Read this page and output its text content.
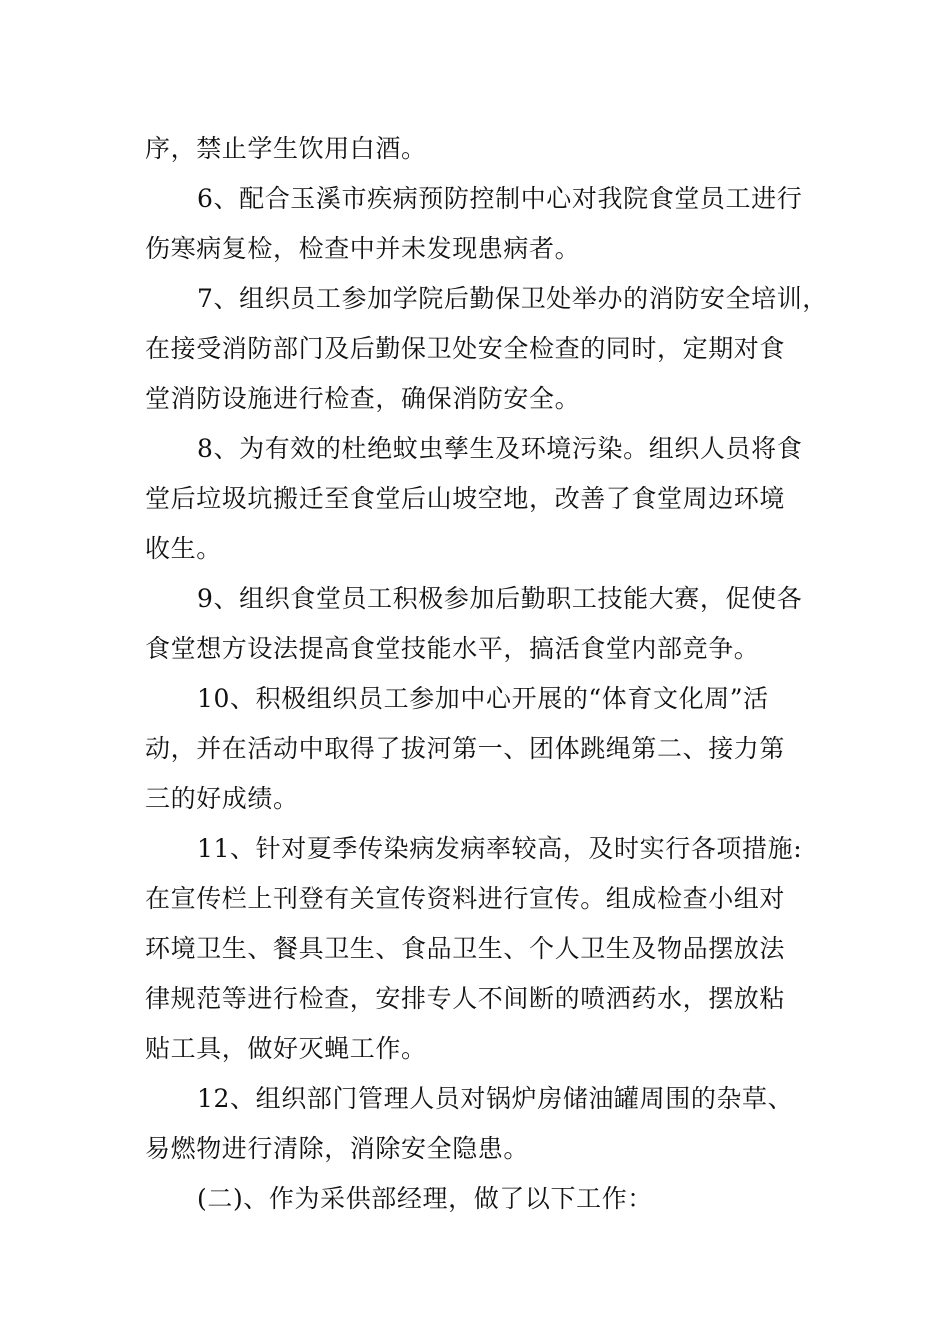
序，禁止学生饮用白酒。
6、配合玉溪市疾病预防控制中心对我院食堂员工进行
伤寒病复检，检查中并未发现患病者。
7、组织员工参加学院后勤保卫处举办的消防安全培训，
在接受消防部门及后勤保卫处安全检查的同时，定期对食
堂消防设施进行检查，确保消防安全。
8、为有效的杜绝蚊虫孳生及环境污染。组织人员将食
堂后垃圾坑搬迁至食堂后山坡空地，改善了食堂周边环境
收生。
9、组织食堂员工积极参加后勤职工技能大赛，促使各
食堂想方设法提高食堂技能水平，搞活食堂内部竞争。
10、积极组织员工参加中心开展的“体育文化周”活
动，并在活动中取得了拔河第一、团体跳绳第二、接力第
三的好成绩。
11、针对夏季传染病发病率较高，及时实行各项措施:
在宣传栏上刊登有关宣传资料进行宣传。组成检查小组对
环境卫生、餐具卫生、食品卫生、个人卫生及物品摆放法
律规范等进行检查，安排专人不间断的喷洒药水，摆放粘
贴工具，做好灭蝇工作。
12、组织部门管理人员对锅炉房储油罐周围的杂草、
易燃物进行清除，消除安全隐患。
(二)、作为采供部经理，做了以下工作：
